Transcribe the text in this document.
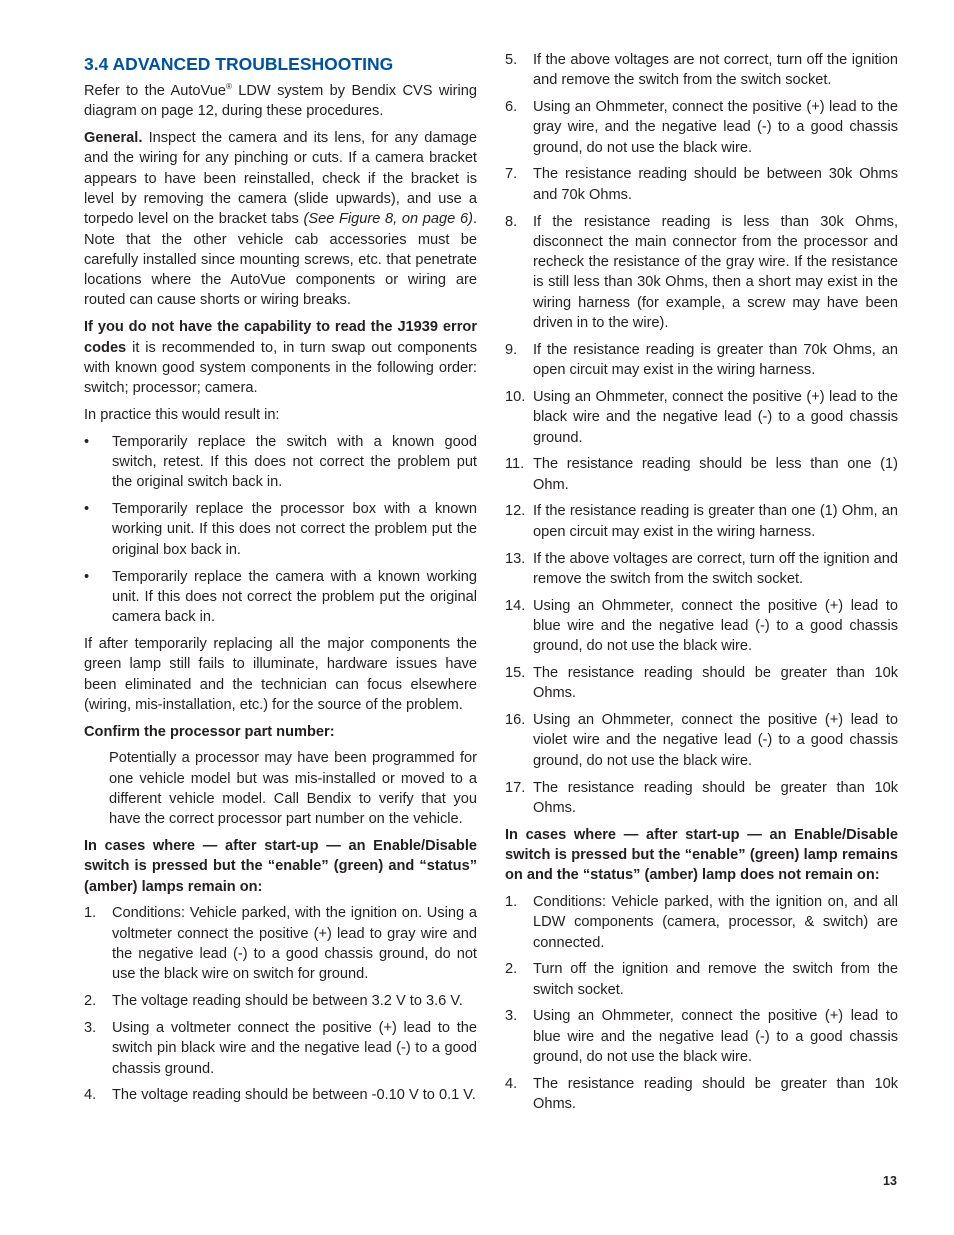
3.4 ADVANCED TROUBLESHOOTING

Refer to the AutoVue® LDW system by Bendix CVS wiring diagram on page 12, during these procedures.

General. Inspect the camera and its lens, for any damage and the wiring for any pinching or cuts. If a camera bracket appears to have been reinstalled, check if the bracket is level by removing the camera (slide upwards), and use a torpedo level on the bracket tabs (See Figure 8, on page 6). Note that the other vehicle cab accessories must be carefully installed since mounting screws, etc. that penetrate locations where the AutoVue components or wiring are routed can cause shorts or wiring breaks.

If you do not have the capability to read the J1939 error codes it is recommended to, in turn swap out components with known good system components in the following order: switch; processor; camera.

In practice this would result in:

• Temporarily replace the switch with a known good switch, retest. If this does not correct the problem put the original switch back in.
• Temporarily replace the processor box with a known working unit. If this does not correct the problem put the original box back in.
• Temporarily replace the camera with a known working unit. If this does not correct the problem put the original camera back in.

If after temporarily replacing all the major components the green lamp still fails to illuminate, hardware issues have been eliminated and the technician can focus elsewhere (wiring, mis-installation, etc.) for the source of the problem.

Confirm the processor part number:

Potentially a processor may have been programmed for one vehicle model but was mis-installed or moved to a different vehicle model. Call Bendix to verify that you have the correct processor part number on the vehicle.

In cases where — after start-up — an Enable/Disable switch is pressed but the “enable” (green) and “status” (amber) lamps remain on:

1. Conditions: Vehicle parked, with the ignition on. Using a voltmeter connect the positive (+) lead to gray wire and the negative lead (-) to a good chassis ground, do not use the black wire on switch for ground.
2. The voltage reading should be between 3.2 V to 3.6 V.
3. Using a voltmeter connect the positive (+) lead to the switch pin black wire and the negative lead (-) to a good chassis ground.
4. The voltage reading should be between -0.10 V to 0.1 V.
5. If the above voltages are not correct, turn off the ignition and remove the switch from the switch socket.
6. Using an Ohmmeter, connect the positive (+) lead to the gray wire, and the negative lead (-) to a good chassis ground, do not use the black wire.
7. The resistance reading should be between 30k Ohms and 70k Ohms.
8. If the resistance reading is less than 30k Ohms, disconnect the main connector from the processor and recheck the resistance of the gray wire. If the resistance is still less than 30k Ohms, then a short may exist in the wiring harness (for example, a screw may have been driven in to the wire).
9. If the resistance reading is greater than 70k Ohms, an open circuit may exist in the wiring harness.
10. Using an Ohmmeter, connect the positive (+) lead to the black wire and the negative lead (-) to a good chassis ground.
11. The resistance reading should be less than one (1) Ohm.
12. If the resistance reading is greater than one (1) Ohm, an open circuit may exist in the wiring harness.
13. If the above voltages are correct, turn off the ignition and remove the switch from the switch socket.
14. Using an Ohmmeter, connect the positive (+) lead to blue wire and the negative lead (-) to a good chassis ground, do not use the black wire.
15. The resistance reading should be greater than 10k Ohms.
16. Using an Ohmmeter, connect the positive (+) lead to violet wire and the negative lead (-) to a good chassis ground, do not use the black wire.
17. The resistance reading should be greater than 10k Ohms.

In cases where — after start-up — an Enable/Disable switch is pressed but the “enable” (green) lamp remains on and the “status” (amber) lamp does not remain on:

1. Conditions: Vehicle parked, with the ignition on, and all LDW components (camera, processor, & switch) are connected.
2. Turn off the ignition and remove the switch from the switch socket.
3. Using an Ohmmeter, connect the positive (+) lead to blue wire and the negative lead (-) to a good chassis ground, do not use the black wire.
4. The resistance reading should be greater than 10k Ohms.
13
